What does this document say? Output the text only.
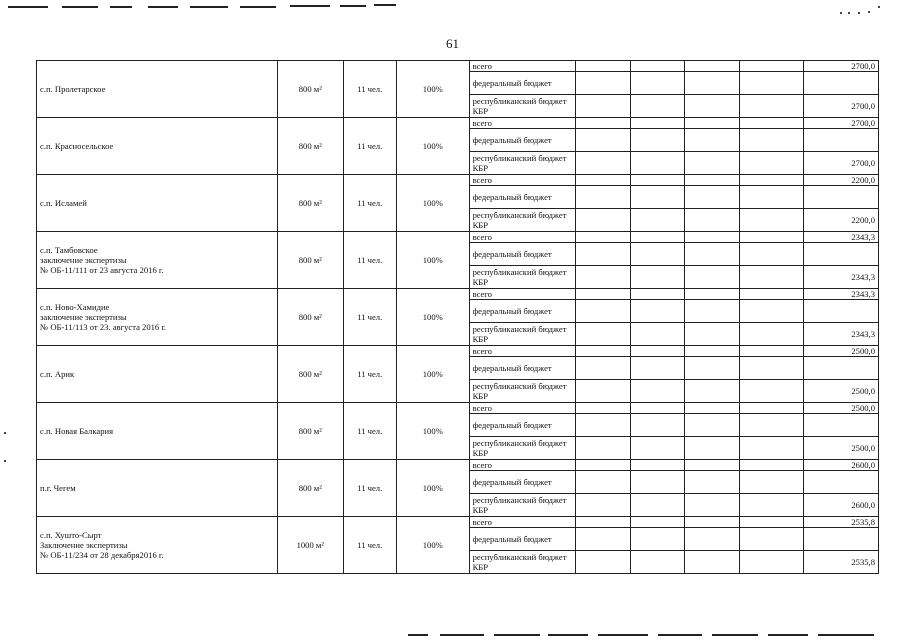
61
с.п. Пролетарское	800 м²	11 чел.	100%	всего					2700,0
				федеральный бюджет					
				республиканский бюджет КБР					2700,0
с.п. Красносельское	800 м²	11 чел.	100%	всего					2700,0
				федеральный бюджет					
				республиканский бюджет КБР					2700,0
с.п. Исламей	800 м²	11 чел.	100%	всего					2200,0
				федеральный бюджет					
				республиканский бюджет КБР					2200,0
с.п. Тамбовское
заключение экспертизы
№ ОБ-11/111 от 23 августа 2016 г.	800 м²	11 чел.	100%	всего					2343,3
				федеральный бюджет					
				республиканский бюджет КБР					2343,3
с.п. Ново-Хамидие
заключение экспертизы
№ ОБ-11/113 от 23. августа 2016 г.	800 м²	11 чел.	100%	всего					2343,3
				федеральный бюджет					
				республиканский бюджет КБР					2343,3
с.п. Арик	800 м²	11 чел.	100%	всего					2500,0
				федеральный бюджет					
				республиканский бюджет КБР					2500,0
с.п. Новая Балкария	800 м²	11 чел.	100%	всего					2500,0
				федеральный бюджет					
				республиканский бюджет КБР					2500,0
п.г. Чегем	800 м²	11 чел.	100%	всего					2600,0
				федеральный бюджет					
				республиканский бюджет КБР					2600,0
с.п. Хушто-Сырт
Заключение экспертизы
№ ОБ-11/234 от 28 декабря2016 г.	1000 м²	11 чел.	100%	всего					2535,8
				федеральный бюджет					
				республиканский бюджет КБР					2535,8
